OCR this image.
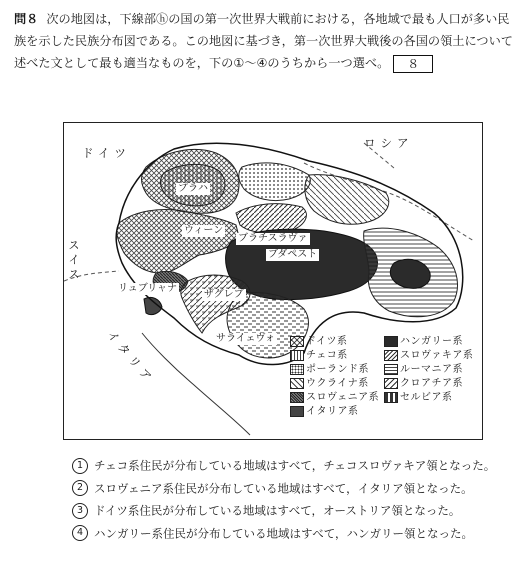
問８ 次の地図は，下線部ⓗの国の第一次世界大戦前における，各地域で最も人口が多い民族を示した民族分布図である。この地図に基づき，第一次世界大戦後の各国の領土について述べた文として最も適当なものを，下の①～④のうちから一つ選べ。 ８
ドイツ
ロシア
スイス
イタリア
プラハ
ウィーン
ブラチスラヴァ
ブダペスト
リュブリャナ
ザグレブ
サライェヴォ	ドイツ系	ハンガリー系
チェコ系	スロヴァキア系
ポーランド系	ルーマニア系
ウクライナ系	クロアチア系
スロヴェニア系	セルビア系
イタリア系
1 チェコ系住民が分布している地域はすべて，チェコスロヴァキア領となった。
2 スロヴェニア系住民が分布している地域はすべて，イタリア領となった。
3 ドイツ系住民が分布している地域はすべて，オーストリア領となった。
4 ハンガリー系住民が分布している地域はすべて，ハンガリー領となった。
